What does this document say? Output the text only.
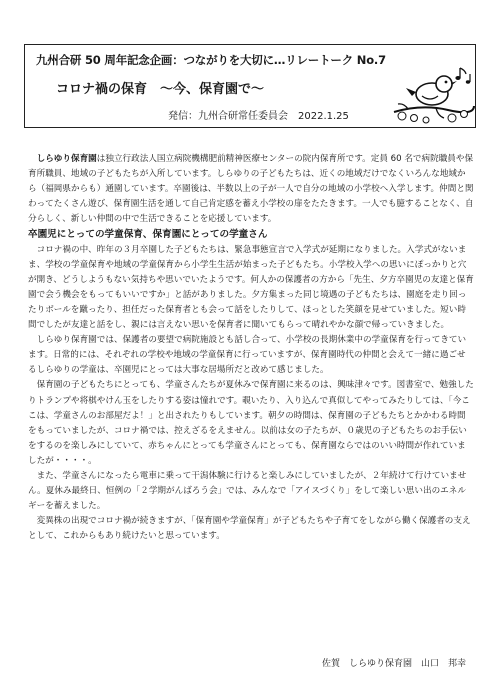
九州合研 50 周年記念企画：つながりを大切に…リレートーク No.7
コロナ禍の保育　～今、保育園で～
発信：九州合研常任委員会　2022.1.25

しらゆり保育園は独立行政法人国立病院機構肥前精神医療センターの院内保育所です。定員 60 名で病院職員や保育所職員、地域の子どもたちが入所しています。しらゆりの子どもたちは、近くの地域だけでなくいろんな地域から（福岡県からも）通園しています。卒園後は、半数以上の子が一人で自分の地域の小学校へ入学します。仲間と関わってたくさん遊び、保育園生活を通して自己肯定感を蓄え小学校の扉をたたきます。一人でも臆することなく、自分らしく、新しい仲間の中で生活できることを応援しています。

卒園児にとっての学童保育、保育園にとっての学童さん

コロナ禍の中、昨年の３月卒園した子どもたちは、緊急事態宣言で入学式が延期になりました。入学式がないまま、学校の学童保育や地域の学童保育から小学生生活が始まった子どもたち。小学校入学への思いにぽっかりと穴が開き、どうしようもない気持ちや思いでいたようです。何人かの保護者の方から「先生、夕方卒園児の友達と保育園で会う機会をもってもいいですか」と話がありました。夕方集まった同じ境遇の子どもたちは、園庭を走り回ったりボールを蹴ったり、担任だった保育者とも会って話をしたりして、ほっとした笑顔を見せていました。短い時間でしたが友達と話をし、親には言えない思いを保育者に聞いてもらって晴れやかな顔で帰っていきました。

しらゆり保育園では、保護者の要望で病院施設とも話し合って、小学校の長期休業中の学童保育を行ってきています。日常的には、それぞれの学校や地域の学童保育に行っていますが、保育園時代の仲間と会えて一緒に過ごせるしらゆりの学童は、卒園児にとっては大事な居場所だと改めて感じました。

保育園の子どもたちにとっても、学童さんたちが夏休みで保育園に来るのは、興味津々です。図書室で、勉強したりトランプや将棋やけん玉をしたりする姿は憧れです。覗いたり、入り込んで真似してやってみたりしては、「今ここは、学童さんのお部屋だよ！」と出されたりもしています。朝夕の時間は、保育園の子どもたちとかかわる時間をもっていましたが、コロナ禍では、控えざるをえません。以前は女の子たちが、０歳児の子どもたちのお手伝いをするのを楽しみにしていて、赤ちゃんにとっても学童さんにとっても、保育園ならではのいい時間が作れていましたが・・・・。

また、学童さんになったら電車に乗って干潟体験に行けると楽しみにしていましたが、２年続けて行けていません。夏休み最終日、恒例の「２学期がんばろう会」では、みんなで「アイスづくり」をして楽しい思い出のエネルギーを蓄えました。

変異株の出現でコロナ禍が続きますが、「保育園や学童保育」が子どもたちや子育てをしながら働く保護者の支えとして、これからもあり続けたいと思っています。

佐賀　しらゆり保育園　山口　邦幸
